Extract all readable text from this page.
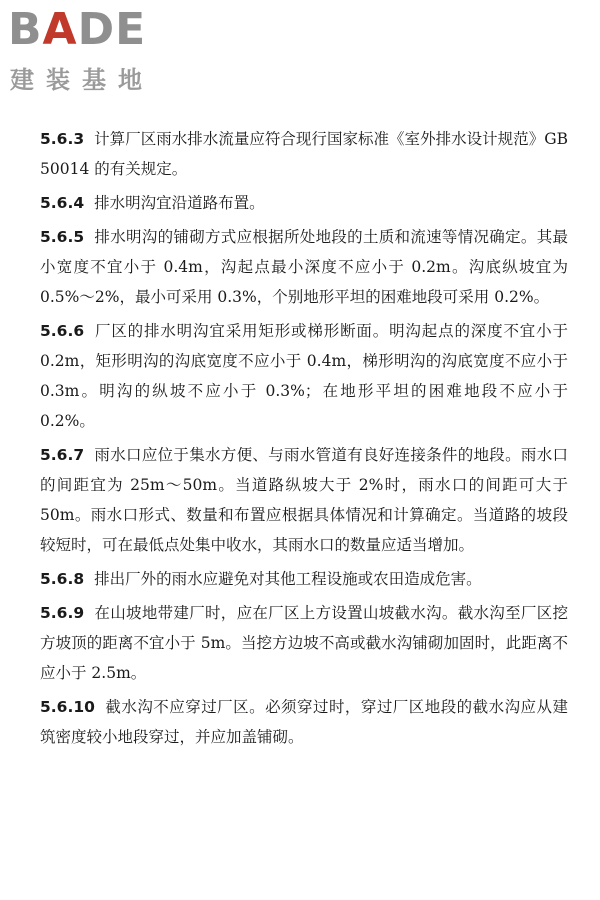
BADE
建装基地

5.6.3 计算厂区雨水排水流量应符合现行国家标准《室外排水设计规范》GB 50014 的有关规定。

5.6.4 排水明沟宜沿道路布置。

5.6.5 排水明沟的铺砌方式应根据所处地段的土质和流速等情况确定。其最小宽度不宜小于 0.4m，沟起点最小深度不应小于 0.2m。沟底纵坡宜为 0.5%～2%，最小可采用 0.3%，个别地形平坦的困难地段可采用 0.2%。

5.6.6 厂区的排水明沟宜采用矩形或梯形断面。明沟起点的深度不宜小于 0.2m，矩形明沟的沟底宽度不应小于 0.4m，梯形明沟的沟底宽度不应小于 0.3m。明沟的纵坡不应小于 0.3%；在地形平坦的困难地段不应小于 0.2%。

5.6.7 雨水口应位于集水方便、与雨水管道有良好连接条件的地段。雨水口的间距宜为 25m～50m。当道路纵坡大于 2%时，雨水口的间距可大于 50m。雨水口形式、数量和布置应根据具体情况和计算确定。当道路的坡段较短时，可在最低点处集中收水，其雨水口的数量应适当增加。

5.6.8 排出厂外的雨水应避免对其他工程设施或农田造成危害。

5.6.9 在山坡地带建厂时，应在厂区上方设置山坡截水沟。截水沟至厂区挖方坡顶的距离不宜小于 5m。当挖方边坡不高或截水沟铺砌加固时，此距离不应小于 2.5m。

5.6.10 截水沟不应穿过厂区。必须穿过时，穿过厂区地段的截水沟应从建筑密度较小地段穿过，并应加盖铺砌。
